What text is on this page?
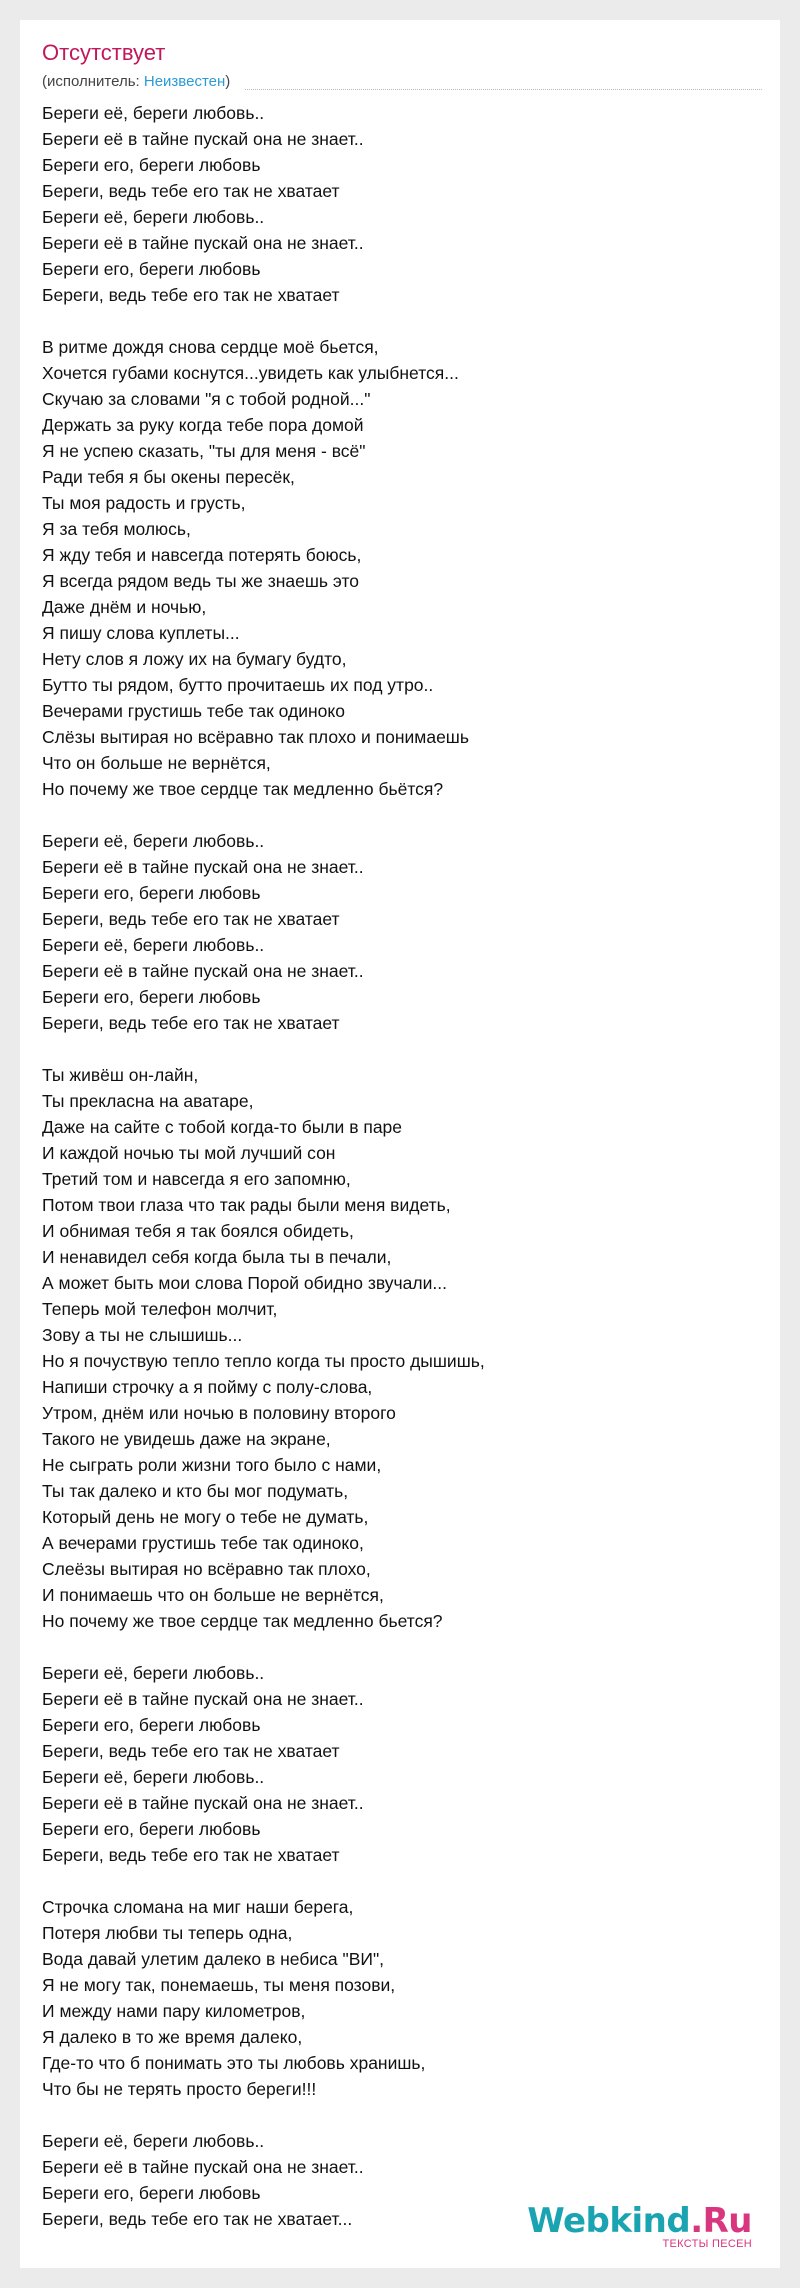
Отсутствует
(исполнитель: Неизвестен)
Береги её, береги любовь..
Береги её в тайне пускай она не знает..
Береги его, береги любовь
Береги, ведь тебе его так не хватает
Береги её, береги любовь..
Береги её в тайне пускай она не знает..
Береги его, береги любовь
Береги, ведь тебе его так не хватает
В ритме дождя снова сердце моё бьется,
Хочется губами коснутся...увидеть как улыбнется...
Скучаю за словами "я с тобой родной..."
Держать за руку когда тебе пора домой
Я не успею сказать, "ты для меня - всё"
Ради тебя я бы окены пересёк,
Ты моя радость и грусть,
Я за тебя молюсь,
Я жду тебя и навсегда потерять боюсь,
Я всегда рядом ведь ты же знаешь это
Даже днём и ночью,
Я пишу слова куплеты...
Нету слов я ложу их на бумагу будто,
Бутто ты рядом, бутто прочитаешь их под утро..
Вечерами грустишь тебе так одиноко
Слёзы вытирая но всёравно так плохо и понимаешь
Что он больше не вернётся,
Но почему же твое сердце так медленно бьётся?
Береги её, береги любовь..
Береги её в тайне пускай она не знает..
Береги его, береги любовь
Береги, ведь тебе его так не хватает
Береги её, береги любовь..
Береги её в тайне пускай она не знает..
Береги его, береги любовь
Береги, ведь тебе его так не хватает
Ты живёш он-лайн,
Ты прекласна на аватаре,
Даже на сайте с тобой когда-то были в паре
И каждой ночью ты мой лучший сон
Третий том и навсегда я его запомню,
Потом твои глаза что так рады были меня видеть,
И обнимая тебя я так боялся обидеть,
И ненавидел себя когда была ты в печали,
А может быть мои слова Порой обидно звучали...
Теперь мой телефон молчит,
Зову а ты не слышишь...
Но я почуствую тепло тепло когда ты просто дышишь,
Напиши строчку а я пойму с полу-слова,
Утром, днём или ночью в половину второго
Такого не увидешь даже на экране,
Не сыграть роли жизни того было с нами,
Ты так далеко и кто бы мог подумать,
Который день не могу о тебе не думать,
А вечерами грустишь тебе так одиноко,
Слеёзы вытирая но всёравно так плохо,
И понимаешь что он больше не вернётся,
Но почему же твое сердце так медленно бьется?
Береги её, береги любовь..
Береги её в тайне пускай она не знает..
Береги его, береги любовь
Береги, ведь тебе его так не хватает
Береги её, береги любовь..
Береги её в тайне пускай она не знает..
Береги его, береги любовь
Береги, ведь тебе его так не хватает
Строчка сломана на миг наши берега,
Потеря любви ты теперь одна,
Вода давай улетим далеко в небиса "ВИ",
Я не могу так, понемаешь, ты меня позови,
И между нами пару километров,
Я далеко в то же время далеко,
Где-то что б понимать это ты любовь хранишь,
Что бы не терять просто береги!!!
Береги её, береги любовь..
Береги её в тайне пускай она не знает..
Береги его, береги любовь
Береги, ведь тебе его так не хватает...	Webkind.Ru
ТЕКСТЫ ПЕСЕН
